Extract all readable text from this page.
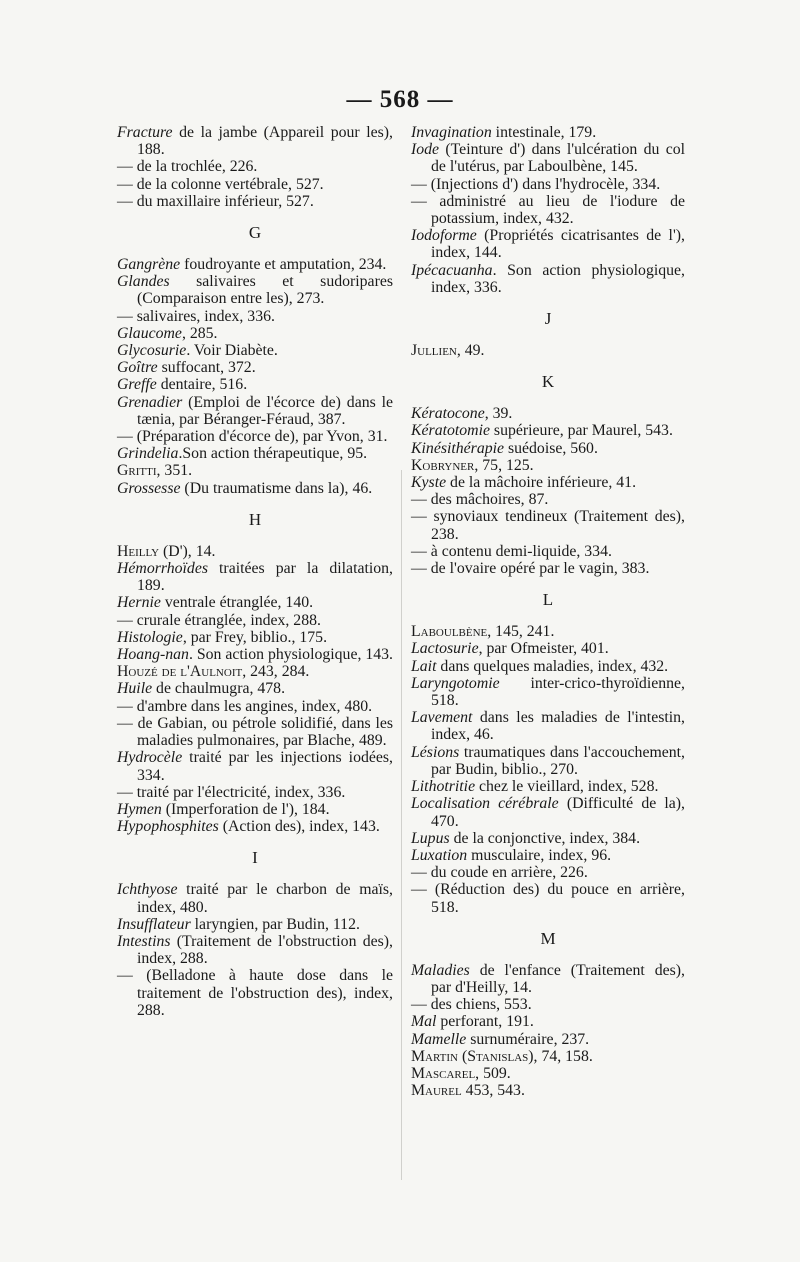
— 568 —
Fracture de la jambe (Appareil pour les), 188.
— de la trochlée, 226.
— de la colonne vertébrale, 527.
— du maxillaire inférieur, 527.
G
Gangrène foudroyante et amputation, 234.
Glandes salivaires et sudoripares (Comparaison entre les), 273.
— salivaires, index, 336.
Glaucome, 285.
Glycosurie. Voir Diabète.
Goître suffocant, 372.
Greffe dentaire, 516.
Grenadier (Emploi de l'écorce de) dans le tænia, par Béranger-Féraud, 387.
— (Préparation d'écorce de), par Yvon, 31.
Grindelia.Son action thérapeutique, 95.
Gritti, 351.
Grossesse (Du traumatisme dans la), 46.
H
Heilly (D'), 14.
Hémorrhoïdes traitées par la dilatation, 189.
Hernie ventrale étranglée, 140.
— crurale étranglée, index, 288.
Histologie, par Frey, biblio., 175.
Hoang-nan. Son action physiologique, 143.
Houzé de l'Aulnoit, 243, 284.
Huile de chaulmugra, 478.
— d'ambre dans les angines, index, 480.
— de Gabian, ou pétrole solidifié, dans les maladies pulmonaires, par Blache, 489.
Hydrocèle traité par les injections iodées, 334.
— traité par l'électricité, index, 336.
Hymen (Imperforation de l'), 184.
Hypophosphites (Action des), index, 143.
I
Ichthyose traité par le charbon de maïs, index, 480.
Insufflateur laryngien, par Budin, 112.
Intestins (Traitement de l'obstruction des), index, 288.
— (Belladone à haute dose dans le traitement de l'obstruction des), index, 288.
Invagination intestinale, 179.
Iode (Teinture d') dans l'ulcération du col de l'utérus, par Laboulbène, 145.
— (Injections d') dans l'hydrocèle, 334.
— administré au lieu de l'iodure de potassium, index, 432.
Iodoforme (Propriétés cicatrisantes de l'), index, 144.
Ipécacuanha. Son action physiologique, index, 336.
J
Jullien, 49.
K
Kératocone, 39.
Kératotomie supérieure, par Maurel, 543.
Kinésithérapie suédoise, 560.
Kobryner, 75, 125.
Kyste de la mâchoire inférieure, 41.
— des mâchoires, 87.
— synoviaux tendineux (Traitement des), 238.
— à contenu demi-liquide, 334.
— de l'ovaire opéré par le vagin, 383.
L
Laboulbène, 145, 241.
Lactosurie, par Ofmeister, 401.
Lait dans quelques maladies, index, 432.
Laryngotomie inter-crico-thyroïdienne, 518.
Lavement dans les maladies de l'intestin, index, 46.
Lésions traumatiques dans l'accouchement, par Budin, biblio., 270.
Lithotritie chez le vieillard, index, 528.
Localisation cérébrale (Difficulté de la), 470.
Lupus de la conjonctive, index, 384.
Luxation musculaire, index, 96.
— du coude en arrière, 226.
— (Réduction des) du pouce en arrière, 518.
M
Maladies de l'enfance (Traitement des), par d'Heilly, 14.
— des chiens, 553.
Mal perforant, 191.
Mamelle surnuméraire, 237.
Martin (Stanislas), 74, 158.
Mascarel, 509.
Maurel 453, 543.
